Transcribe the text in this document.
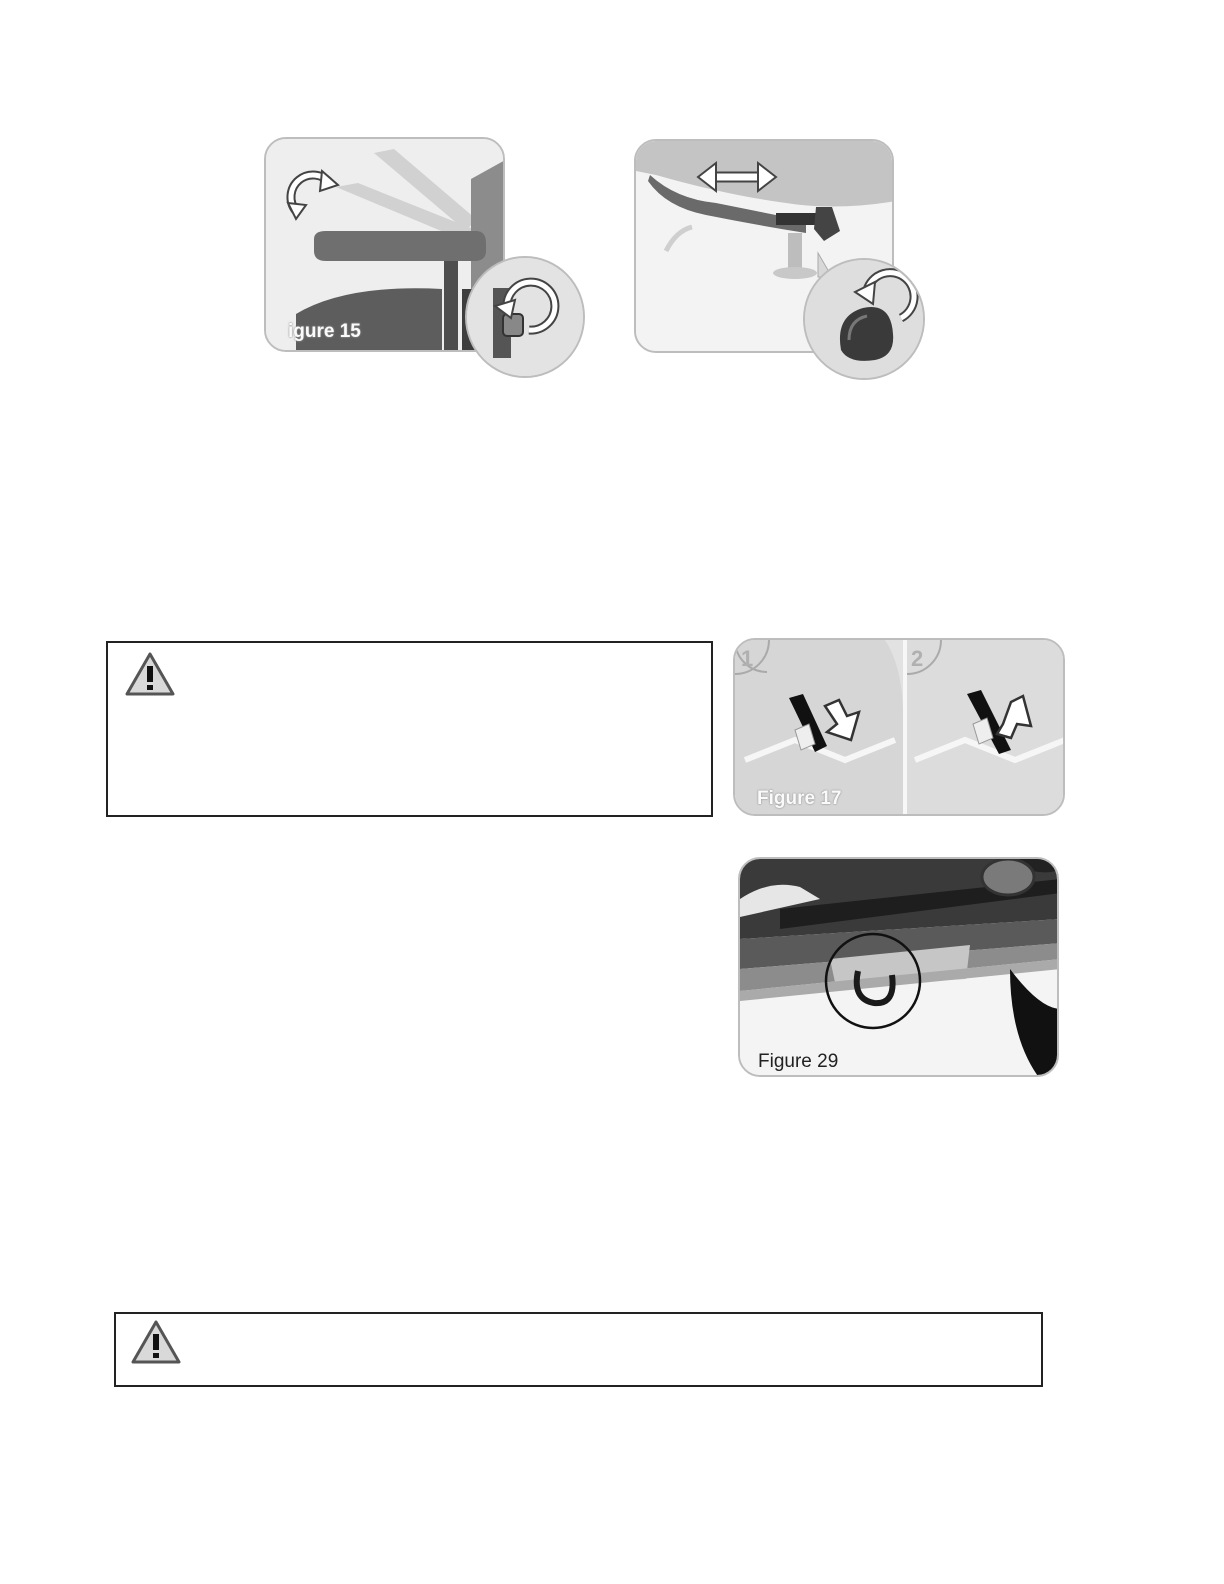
igure 15
1	2
Figure 17
Figure 29
